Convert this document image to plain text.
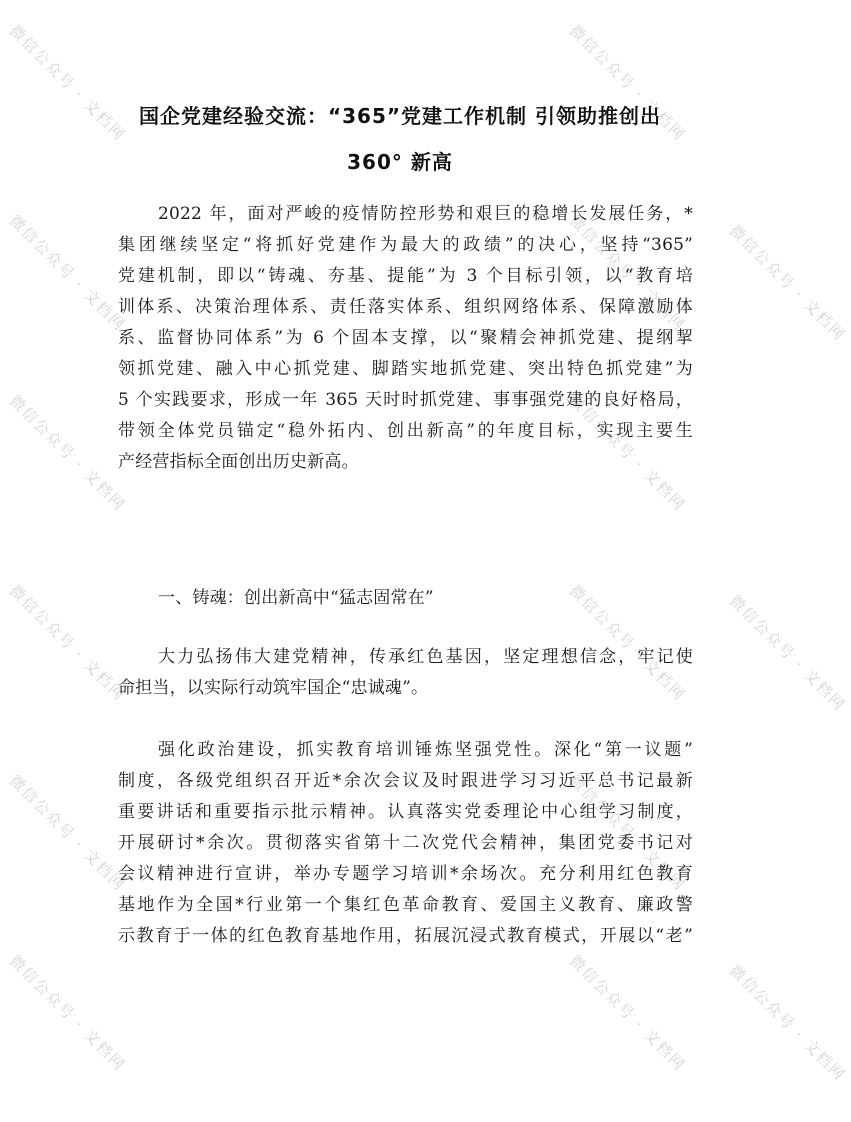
微信公众号 · 文档网	微信公众号 · 文档网
微信公众号 · 文档网	微信公众号 · 文档网
微信公众号 · 文档网	微信公众号 · 文档网
微信公众号 · 文档网	微信公众号 · 文档网
微信公众号 · 文档网	微信公众号 · 文档网
微信公众号 · 文档网	微信公众号 · 文档网
微信公众号 · 文档网
微信公众号 · 文档网
微信公众号 · 文档网
国企党建经验交流：“365”党建工作机制 引领助推创出
360° 新高
2022 年，面对严峻的疫情防控形势和艰巨的稳增长发展任务，*
集团继续坚定“将抓好党建作为最大的政绩”的决心，坚持“365”
党建机制，即以“铸魂、夯基、提能”为 3 个目标引领，以“教育培
训体系、决策治理体系、责任落实体系、组织网络体系、保障激励体
系、监督协同体系”为 6 个固本支撑，以“聚精会神抓党建、提纲挈
领抓党建、融入中心抓党建、脚踏实地抓党建、突出特色抓党建”为
5 个实践要求，形成一年 365 天时时抓党建、事事强党建的良好格局，
带领全体党员锚定“稳外拓内、创出新高”的年度目标，实现主要生
产经营指标全面创出历史新高。
一、铸魂：创出新高中“猛志固常在”
大力弘扬伟大建党精神，传承红色基因，坚定理想信念，牢记使
命担当，以实际行动筑牢国企“忠诚魂”。
强化政治建设，抓实教育培训锤炼坚强党性。深化“第一议题”
制度，各级党组织召开近*余次会议及时跟进学习习近平总书记最新
重要讲话和重要指示批示精神。认真落实党委理论中心组学习制度，
开展研讨*余次。贯彻落实省第十二次党代会精神，集团党委书记对
会议精神进行宣讲，举办专题学习培训*余场次。充分利用红色教育
基地作为全国*行业第一个集红色革命教育、爱国主义教育、廉政警
示教育于一体的红色教育基地作用，拓展沉浸式教育模式，开展以“老”
